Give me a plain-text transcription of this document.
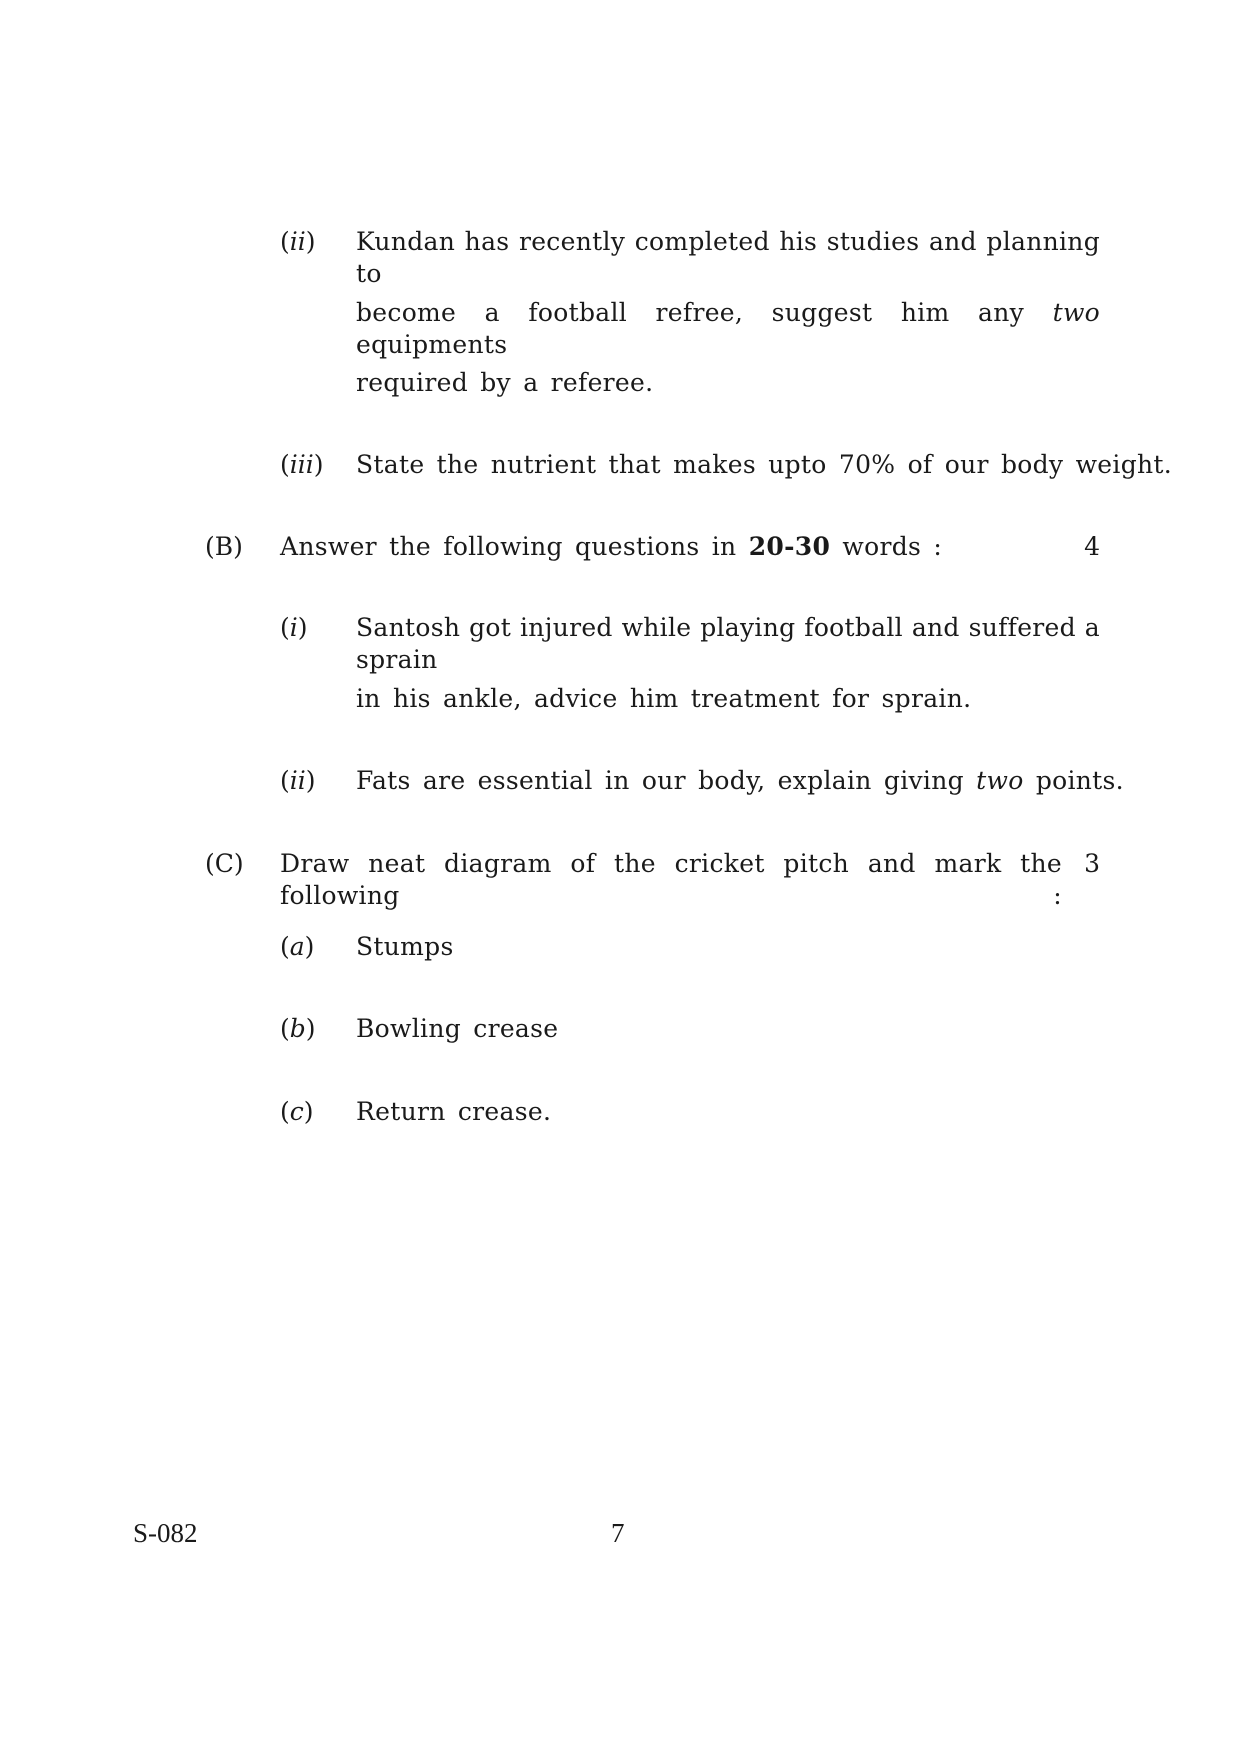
(ii) Kundan has recently completed his studies and planning to
become a football refree, suggest him any two equipments
required by a referee.
(iii) State the nutrient that makes upto 70% of our body weight.
(B) Answer the following questions in 20-30 words :	4
(i) Santosh got injured while playing football and suffered a sprain
in his ankle, advice him treatment for sprain.
(ii) Fats are essential in our body, explain giving two points.
(C) Draw neat diagram of the cricket pitch and mark the following :
3
(a) Stumps
(b) Bowling crease
(c) Return crease.
S-082	7
